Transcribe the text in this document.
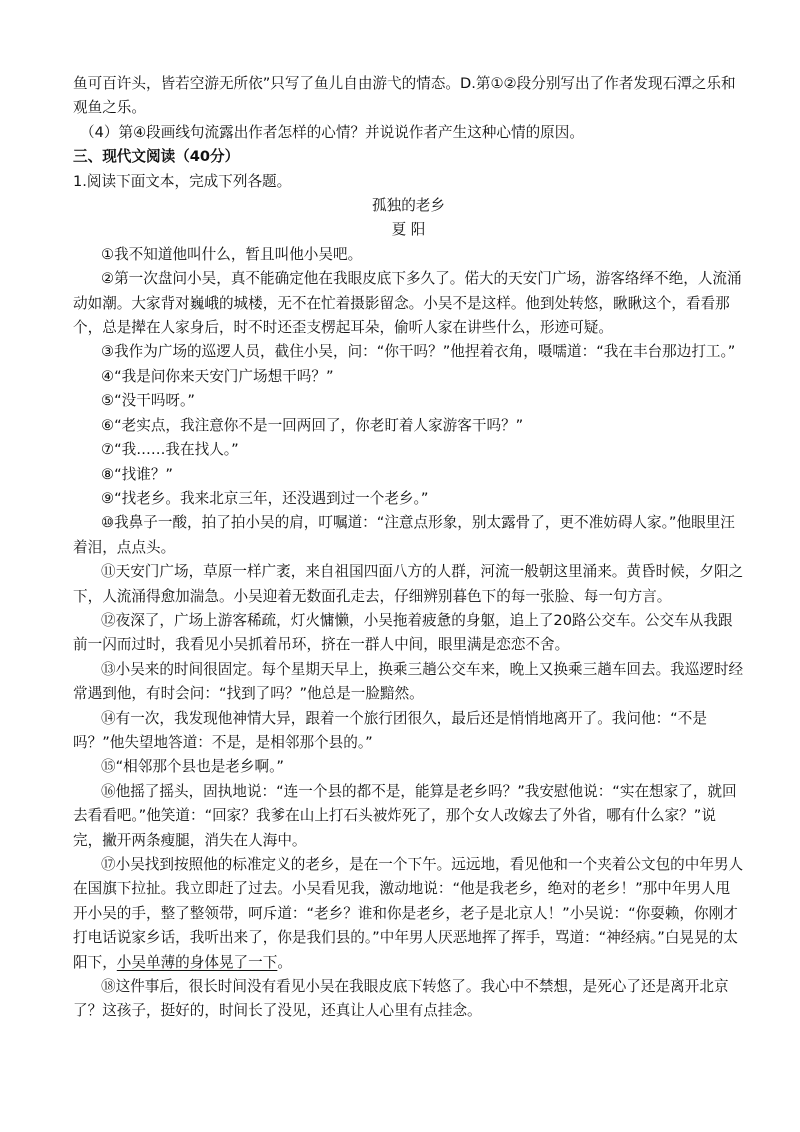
鱼可百许头，皆若空游无所依”只写了鱼儿自由游弋的情态。D.第①②段分别写出了作者发现石潭之乐和观鱼之乐。

（4）第④段画线句流露出作者怎样的心情？并说说作者产生这种心情的原因。

三、现代文阅读（40分）

1.阅读下面文本，完成下列各题。

孤独的老乡

夏 阳

①我不知道他叫什么，暂且叫他小吴吧。

②第一次盘问小吴，真不能确定他在我眼皮底下多久了。偌大的天安门广场，游客络绎不绝，人流涌动如潮。大家背对巍峨的城楼，无不在忙着摄影留念。小吴不是这样。他到处转悠，瞅瞅这个，看看那个，总是撵在人家身后，时不时还歪支楞起耳朵，偷听人家在讲些什么，形迹可疑。

③我作为广场的巡逻人员，截住小吴，问：“你干吗？”他捏着衣角，嗫嚅道：“我在丰台那边打工。”

④“我是问你来天安门广场想干吗？”

⑤“没干吗呀。”

⑥“老实点，我注意你不是一回两回了，你老盯着人家游客干吗？”

⑦“我……我在找人。”

⑧“找谁？”

⑨“找老乡。我来北京三年，还没遇到过一个老乡。”

⑩我鼻子一酸，拍了拍小吴的肩，叮嘱道：“注意点形象，别太露骨了，更不准妨碍人家。”他眼里汪着泪，点点头。

⑪天安门广场，草原一样广袤，来自祖国四面八方的人群，河流一般朝这里涌来。黄昏时候，夕阳之下，人流涌得愈加湍急。小吴迎着无数面孔走去，仔细辨别暮色下的每一张脸、每一句方言。

⑫夜深了，广场上游客稀疏，灯火慵懒，小吴拖着疲惫的身躯，追上了20路公交车。公交车从我跟前一闪而过时，我看见小吴抓着吊环，挤在一群人中间，眼里满是恋恋不舍。

⑬小吴来的时间很固定。每个星期天早上，换乘三趟公交车来，晚上又换乘三趟车回去。我巡逻时经常遇到他，有时会问：“找到了吗？”他总是一脸黯然。

⑭有一次，我发现他神情大异，跟着一个旅行团很久，最后还是悄悄地离开了。我问他：“不是吗？”他失望地答道：不是，是相邻那个县的。”

⑮“相邻那个县也是老乡啊。”

⑯他摇了摇头，固执地说：“连一个县的都不是，能算是老乡吗？”我安慰他说：“实在想家了，就回去看看吧。”他笑道：“回家？我爹在山上打石头被炸死了，那个女人改嫁去了外省，哪有什么家？”说完，撇开两条瘦腿，消失在人海中。

⑰小吴找到按照他的标准定义的老乡，是在一个下午。远远地，看见他和一个夹着公文包的中年男人在国旗下拉扯。我立即赶了过去。小吴看见我，激动地说：“他是我老乡，绝对的老乡！”那中年男人甩开小吴的手，整了整领带，呵斥道：“老乡？谁和你是老乡，老子是北京人！”小吴说：“你耍赖，你刚才打电话说家乡话，我听出来了，你是我们县的。”中年男人厌恶地挥了挥手，骂道：“神经病。”白晃晃的太阳下，小吴单薄的身体晃了一下。

⑱这件事后，很长时间没有看见小吴在我眼皮底下转悠了。我心中不禁想，是死心了还是离开北京了？这孩子，挺好的，时间长了没见，还真让人心里有点挂念。
